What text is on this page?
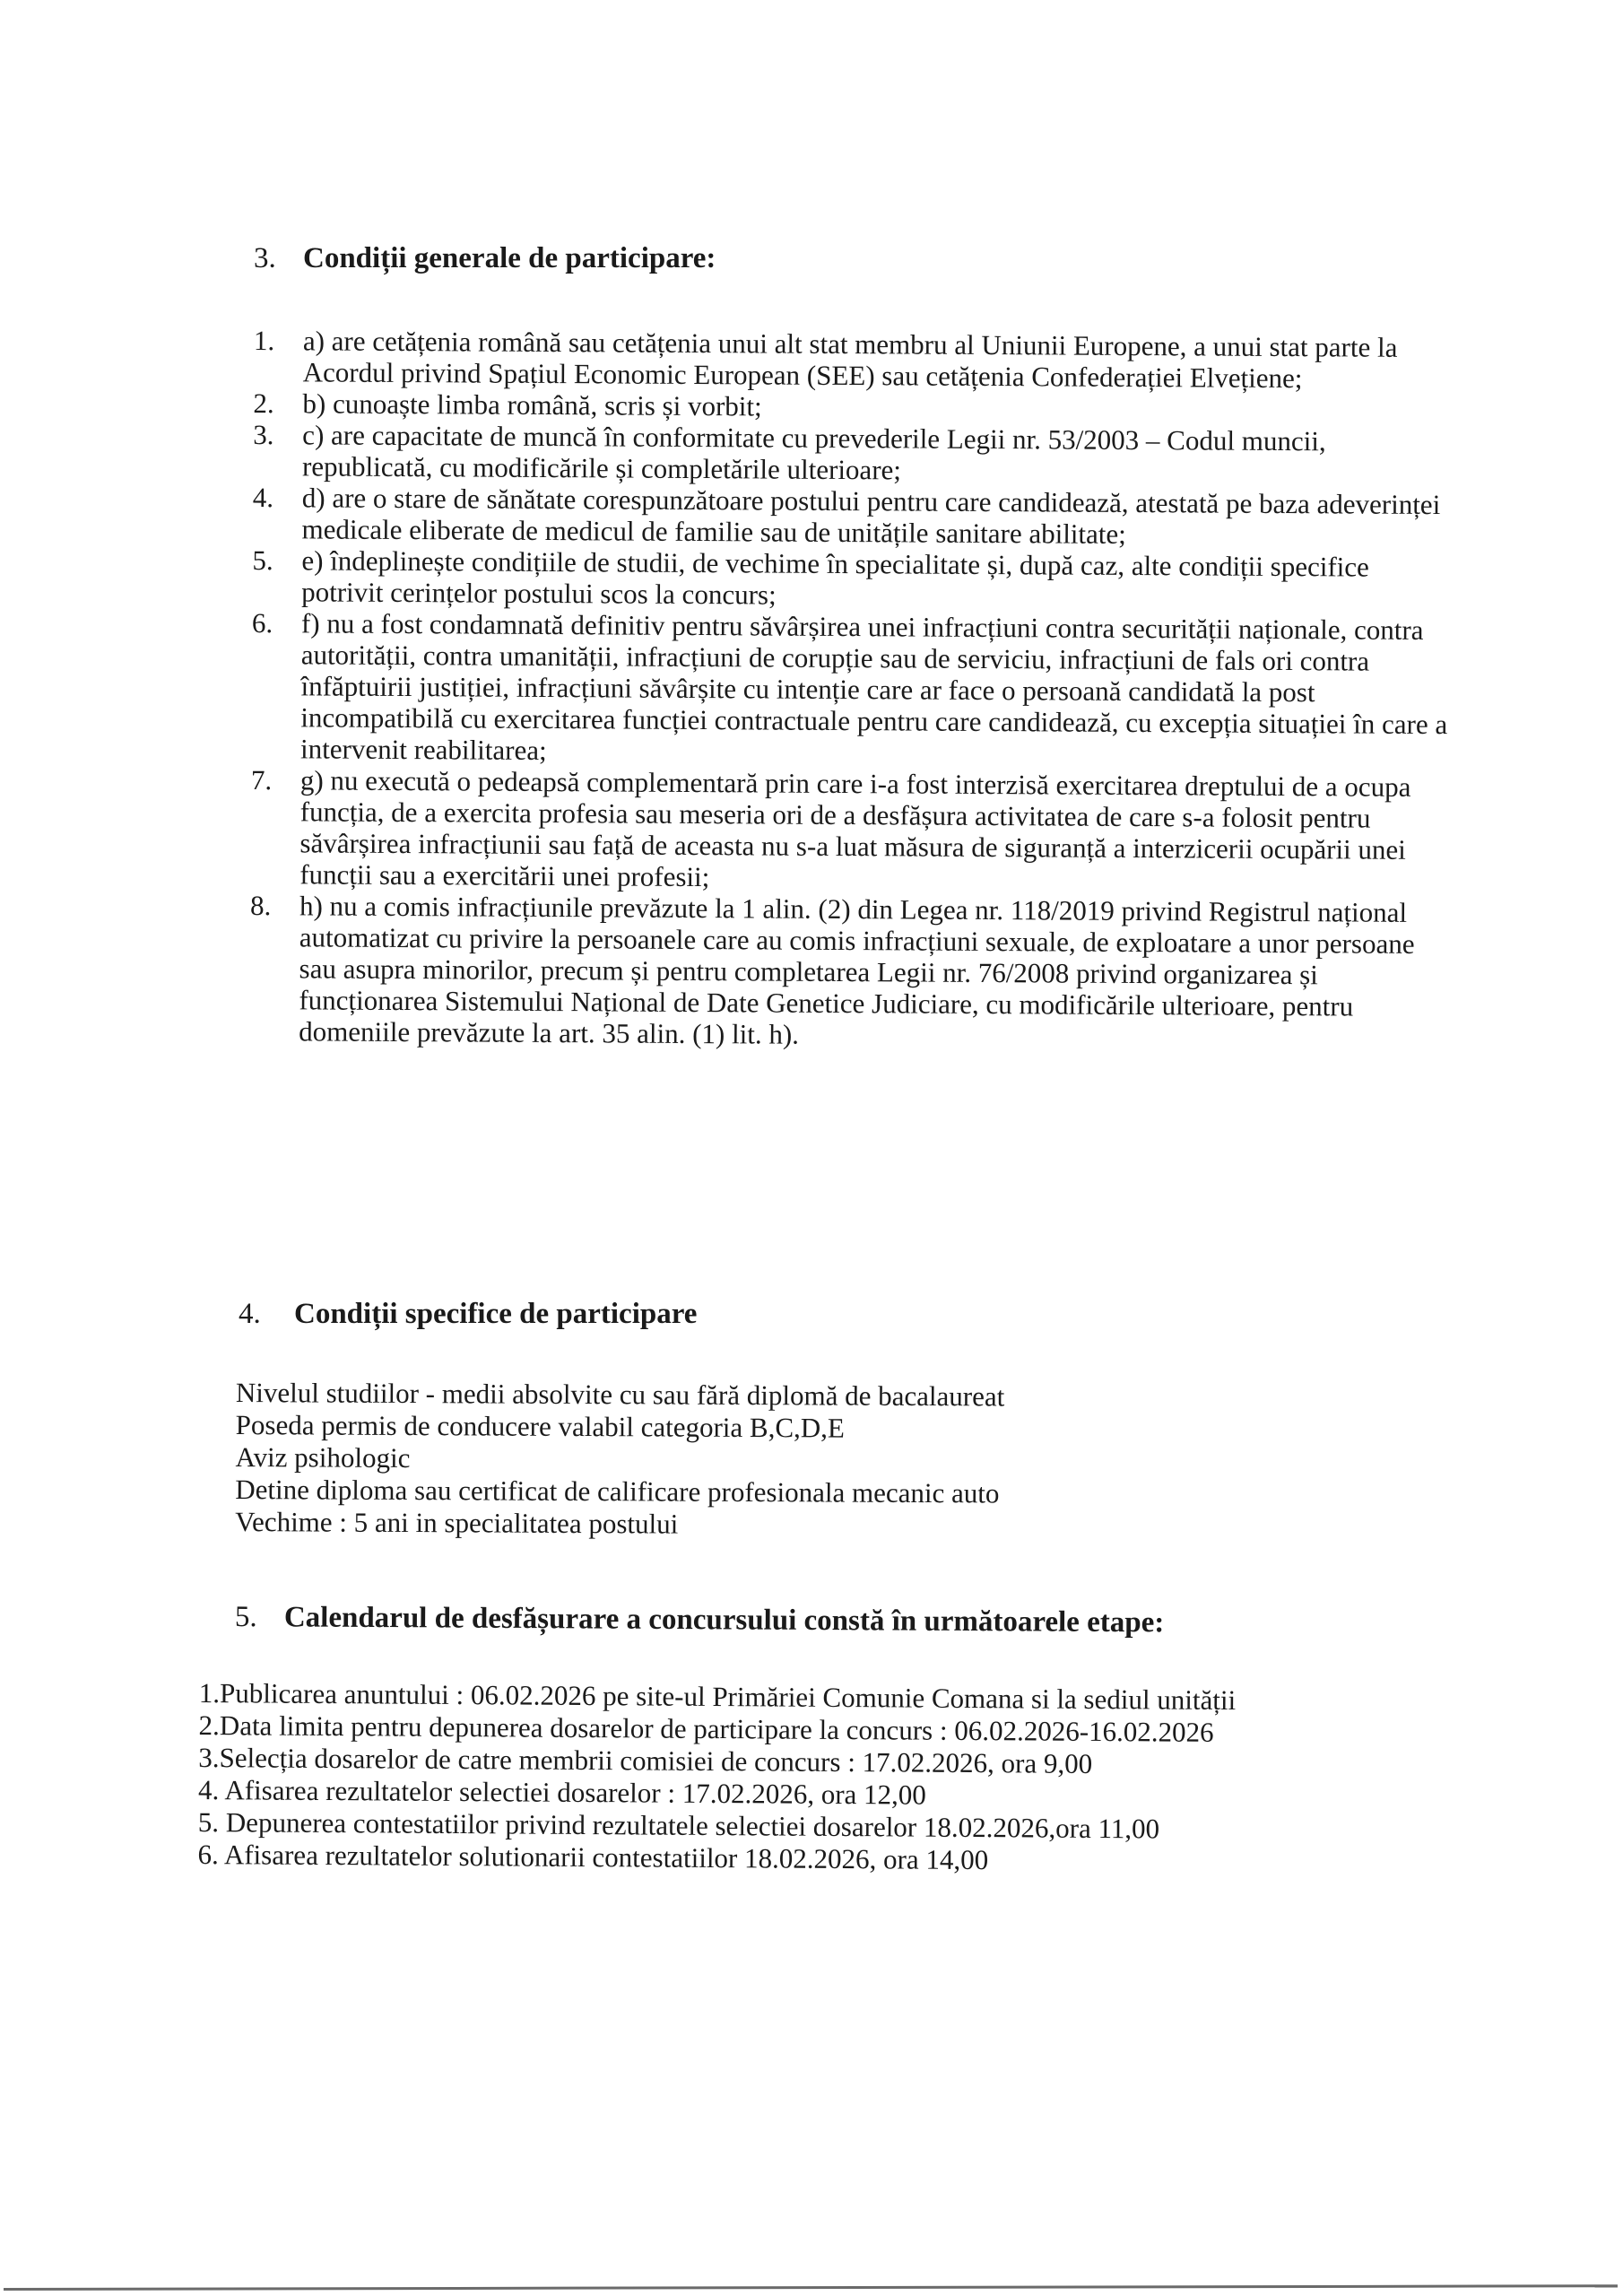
3. Condiții generale de participare:
1. a) are cetățenia română sau cetățenia unui alt stat membru al Uniunii Europene, a unui stat parte la Acordul privind Spațiul Economic European (SEE) sau cetățenia Confederației Elvețiene;
2. b) cunoaște limba română, scris și vorbit;
3. c) are capacitate de muncă în conformitate cu prevederile Legii nr. 53/2003 – Codul muncii, republicată, cu modificările și completările ulterioare;
4. d) are o stare de sănătate corespunzătoare postului pentru care candidează, atestată pe baza adeverinței medicale eliberate de medicul de familie sau de unitățile sanitare abilitate;
5. e) îndeplinește condițiile de studii, de vechime în specialitate și, după caz, alte condiții specifice potrivit cerințelor postului scos la concurs;
6. f) nu a fost condamnată definitiv pentru săvârșirea unei infracțiuni contra securității naționale, contra autorității, contra umanității, infracțiuni de corupție sau de serviciu, infracțiuni de fals ori contra înfăptuirii justiției, infracțiuni săvârșite cu intenție care ar face o persoană candidată la post incompatibilă cu exercitarea funcției contractuale pentru care candidează, cu excepția situației în care a intervenit reabilitarea;
7. g) nu execută o pedeapsă complementară prin care i-a fost interzisă exercitarea dreptului de a ocupa funcția, de a exercita profesia sau meseria ori de a desfășura activitatea de care s-a folosit pentru săvârșirea infracțiunii sau față de aceasta nu s-a luat măsura de siguranță a interzicerii ocupării unei funcții sau a exercitării unei profesii;
8. h) nu a comis infracțiunile prevăzute la 1 alin. (2) din Legea nr. 118/2019 privind Registrul național automatizat cu privire la persoanele care au comis infracțiuni sexuale, de exploatare a unor persoane sau asupra minorilor, precum și pentru completarea Legii nr. 76/2008 privind organizarea și funcționarea Sistemului Național de Date Genetice Judiciare, cu modificările ulterioare, pentru domeniile prevăzute la art. 35 alin. (1) lit. h).
4. Condiții specifice de participare
Nivelul studiilor - medii absolvite cu sau fără diplomă de bacalaureat
Poseda permis de conducere valabil categoria B,C,D,E
Aviz psihologic
Detine diploma sau certificat de calificare profesionala mecanic auto
Vechime : 5 ani in specialitatea postului
5. Calendarul de desfășurare a concursului constă în următoarele etape:
1.Publicarea anuntului : 06.02.2026 pe site-ul Primăriei Comunie Comana si la sediul unității
2.Data limita pentru depunerea dosarelor de participare la concurs : 06.02.2026-16.02.2026
3.Selecția dosarelor de catre membrii comisiei de concurs : 17.02.2026, ora 9,00
4. Afisarea rezultatelor selectiei dosarelor : 17.02.2026, ora 12,00
5. Depunerea contestatiilor privind rezultatele selectiei dosarelor 18.02.2026,ora 11,00
6. Afisarea rezultatelor solutionarii contestatiilor 18.02.2026, ora 14,00
